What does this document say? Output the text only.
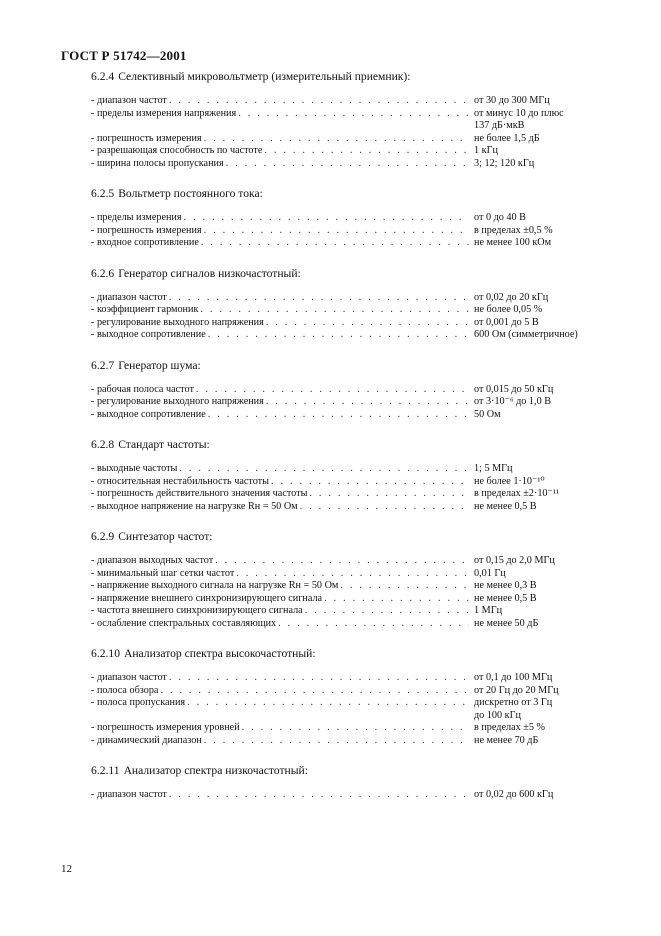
ГОСТ Р 51742—2001
6.2.4 Селективный микровольтметр (измерительный приемник):
- диапазон частот . . .	от 30 до 300 МГц
- пределы измерения напряжения . . .	от минус 10 до плюс
137 дБ·мкВ
- погрешность измерения . . .	не более 1,5 дБ
- разрешающая способность по частоте . . .	1 кГц
- ширина полосы пропускания . . .	3; 12; 120 кГц
6.2.5 Вольтметр постоянного тока:
- пределы измерения . . .	от 0 до 40 В
- погрешность измерения . . .	в пределах ±0,5 %
- входное сопротивление . . .	не менее 100 кОм
6.2.6 Генератор сигналов низкочастотный:
- диапазон частот . . .	от 0,02 до 20 кГц
- коэффициент гармоник . . .	не более 0,05 %
- регулирование выходного напряжения . . .	от 0,001 до 5 В
- выходное сопротивление . . .	600 Ом (симметричное)
6.2.7 Генератор шума:
- рабочая полоса частот . . .	от 0,015 до 50 кГц
- регулирование выходного напряжения . . .	от 3·10⁻⁶ до 1,0 В
- выходное сопротивление . . .	50 Ом
6.2.8 Стандарт частоты:
- выходные частоты . . .	1; 5 МГц
- относительная нестабильность частоты . . .	не более 1·10⁻¹⁰
- погрешность действительного значения частоты . . .	в пределах ±2·10⁻¹¹
- выходное напряжение на нагрузке Rн = 50 Ом . . .	не менее 0,5 В
6.2.9 Синтезатор частот:
- диапазон выходных частот . . .	от 0,15 до 2,0 МГц
- минимальный шаг сетки частот . . .	0,01 Гц
- напряжение выходного сигнала на нагрузке Rн = 50 Ом . . .	не менее 0,3 В
- напряжение внешнего синхронизирующего сигнала . . .	не менее 0,5 В
- частота внешнего синхронизирующего сигнала . . .	1 МГц
- ослабление спектральных составляющих . . .	не менее 50 дБ
6.2.10 Анализатор спектра высокочастотный:
- диапазон частот . . .	от 0,1 до 100 МГц
- полоса обзора . . .	от 20 Гц до 20 МГц
- полоса пропускания . . .	дискретно от 3 Гц
до 100 кГц
- погрешность измерения уровней . . .	в пределах ±5 %
- динамический диапазон . . .	не менее 70 дБ
6.2.11 Анализатор спектра низкочастотный:
- диапазон частот . . .	от 0,02 до 600 кГц
12
